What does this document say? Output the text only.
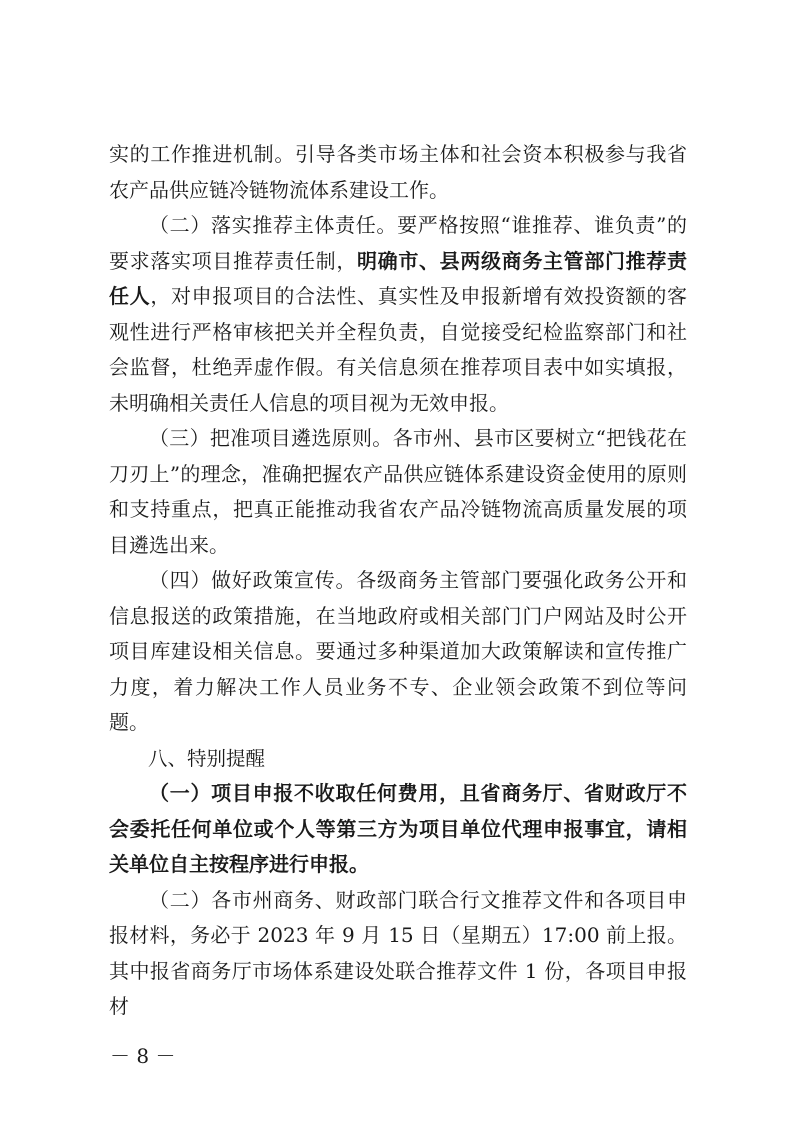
实的工作推进机制。引导各类市场主体和社会资本积极参与我省农产品供应链冷链物流体系建设工作。

（二）落实推荐主体责任。要严格按照“谁推荐、谁负责”的要求落实项目推荐责任制，明确市、县两级商务主管部门推荐责任人，对申报项目的合法性、真实性及申报新增有效投资额的客观性进行严格审核把关并全程负责，自觉接受纪检监察部门和社会监督，杜绝弄虚作假。有关信息须在推荐项目表中如实填报，未明确相关责任人信息的项目视为无效申报。

（三）把准项目遴选原则。各市州、县市区要树立“把钱花在刀刃上”的理念，准确把握农产品供应链体系建设资金使用的原则和支持重点，把真正能推动我省农产品冷链物流高质量发展的项目遴选出来。

（四）做好政策宣传。各级商务主管部门要强化政务公开和信息报送的政策措施，在当地政府或相关部门门户网站及时公开项目库建设相关信息。要通过多种渠道加大政策解读和宣传推广力度，着力解决工作人员业务不专、企业领会政策不到位等问题。

八、特别提醒

（一）项目申报不收取任何费用，且省商务厅、省财政厅不会委托任何单位或个人等第三方为项目单位代理申报事宜，请相关单位自主按程序进行申报。

（二）各市州商务、财政部门联合行文推荐文件和各项目申报材料，务必于 2023 年 9 月 15 日（星期五）17:00 前上报。其中报省商务厅市场体系建设处联合推荐文件 1 份，各项目申报材

－ 8 －
